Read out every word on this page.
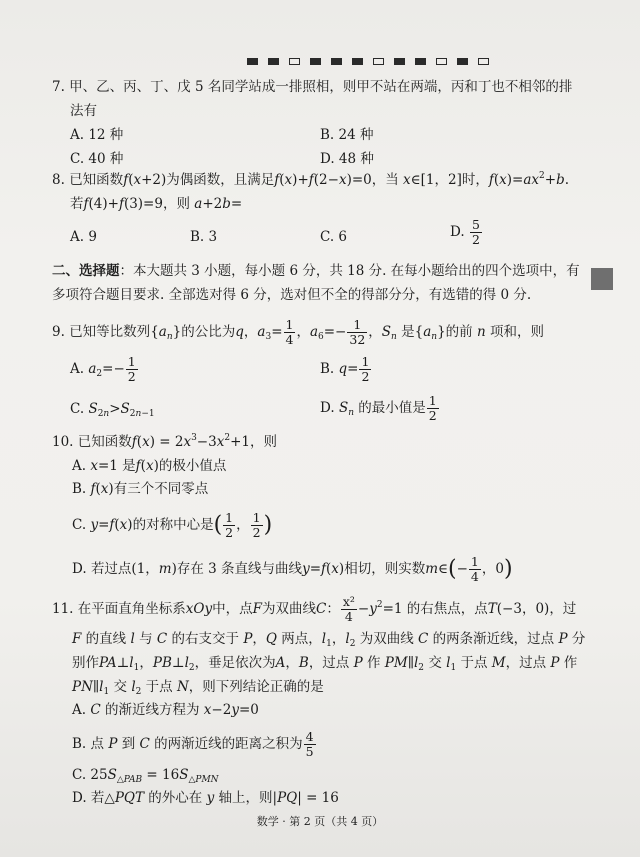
7. 甲、乙、丙、丁、戊 5 名同学站成一排照相，则甲不站在两端，丙和丁也不相邻的排
法有
A. 12 种	B. 24 种
C. 40 种	D. 48 种
8. 已知函数f(x+2)为偶函数，且满足f(x)+f(2−x)=0，当 x∈[1，2]时，$f(x)=ax^2+b$.
若f(4)+f(3)=9，则 a+2b=
A. 9	B. 3	C. 6	D. $\frac{5}{2}$
二、选择题：本大题共 3 小题，每小题 6 分，共 18 分. 在每小题给出的四个选项中，有
多项符合题目要求. 全部选对得 6 分，选对但不全的得部分分，有选错的得 0 分.
9. 已知等比数列$\{a_n\}$的公比为q，$a_3= \frac{1}{4}$ ，$a_6=- \frac{1}{32}$ ，$S_n$ 是$\{a_n\}$的前 n 项和，则
A. $a_2=- \frac{1}{2}$	B. $q= \frac{1}{2}$
C. $S_{2n}>S_{2n-1}$	D. $S_n$ 的最小值是 $\frac{1}{2}$
10. 已知函数$f(x) = 2x^3-3x^2+1$，则
A. x=1 是f(x)的极小值点
B. f(x)有三个不同零点
C. y=f(x)的对称中心是( $\frac{1}{2}$ ， $\frac{1}{2}$ )
D. 若过点(1，m)存在 3 条直线与曲线y=f(x)相切，则实数m∈(− $\frac{1}{4}$ ，0)
11. 在平面直角坐标系xOy中，点F为双曲线C： $\frac{\text{x²}}{4} -y^2=1$ 的右焦点，点T(−3，0)，过
F 的直线 l 与 C 的右支交于 P，Q 两点，$l_1$，$l_2$ 为双曲线 C 的两条渐近线，过点 P 分
别作$PA\perp l_1$，$PB\perp l_2$，垂足依次为A，B，过点 P 作 $PM\parallel l_2$ 交 $l_1$ 于点 M，过点 P 作
$PN\parallel l_1$ 交 $l_2$ 于点 N，则下列结论正确的是
A. C 的渐近线方程为 x−2y=0
B. 点 P 到 C 的两渐近线的距离之积为 $\frac{4}{5}$
C. $25S_{\triangle PAB} = 16S_{\triangle PMN}$
D. 若△PQT 的外心在 y 轴上，则|PQ| = 16
数学 · 第 2 页（共 4 页）
